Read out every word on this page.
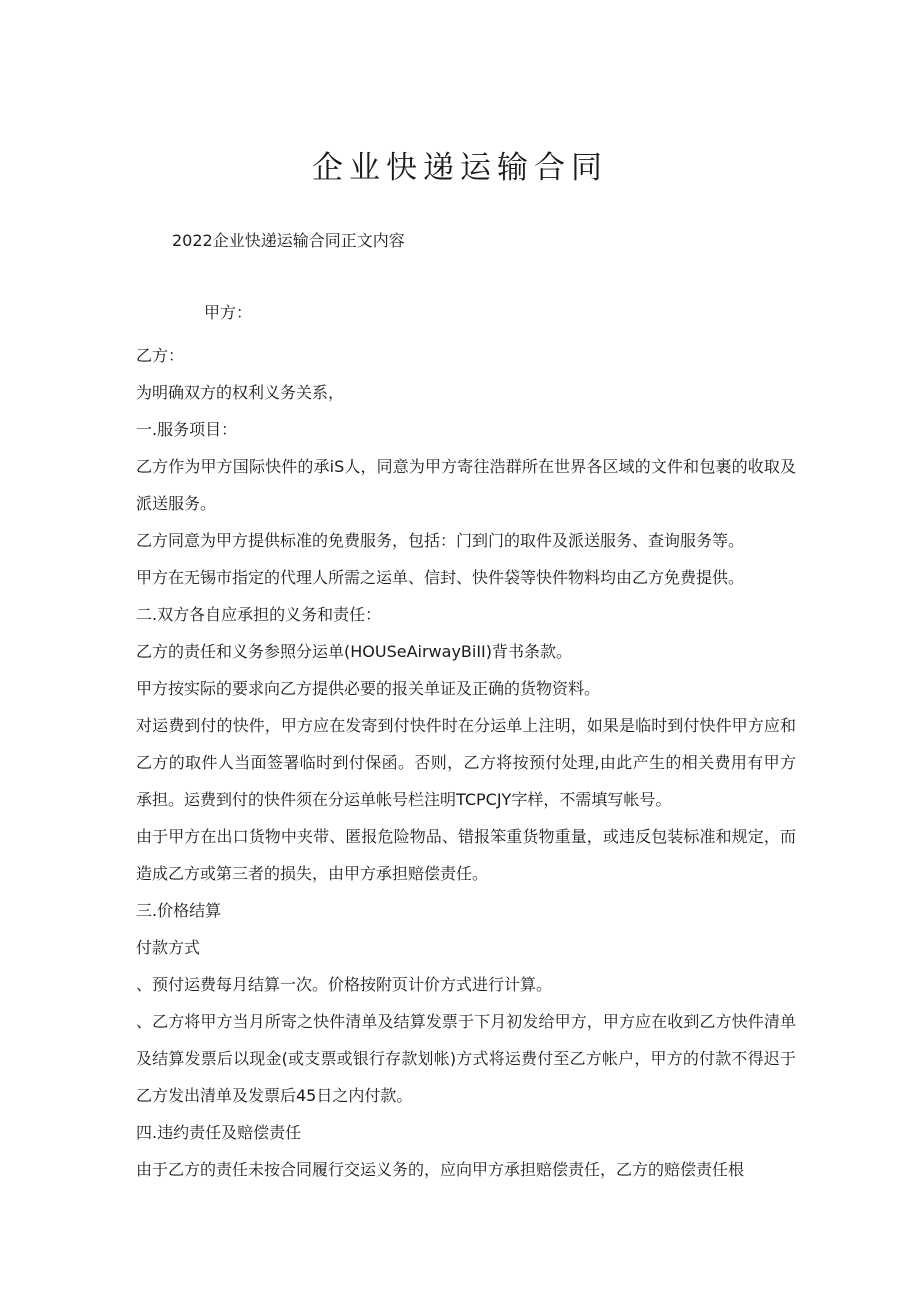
企业快递运输合同

2022企业快递运输合同正文内容

甲方：

乙方：

为明确双方的权利义务关系，

一.服务项目：

乙方作为甲方国际快件的承iS人，同意为甲方寄往浩群所在世界各区域的文件和包裹的收取及派送服务。

乙方同意为甲方提供标准的免费服务，包括：门到门的取件及派送服务、查询服务等。

甲方在无锡市指定的代理人所需之运单、信封、快件袋等快件物料均由乙方免费提供。

二.双方各自应承担的义务和责任：

乙方的责任和义务参照分运单(HOUSeAirwayBiII)背书条款。

甲方按实际的要求向乙方提供必要的报关单证及正确的货物资料。

对运费到付的快件，甲方应在发寄到付快件时在分运单上注明，如果是临时到付快件甲方应和乙方的取件人当面签署临时到付保函。否则，乙方将按预付处理,由此产生的相关费用有甲方承担。运费到付的快件须在分运单帐号栏注明TCPCJY字样，不需填写帐号。

由于甲方在出口货物中夹带、匿报危险物品、错报笨重货物重量，或违反包装标准和规定，而造成乙方或第三者的损失，由甲方承担赔偿责任。

三.价格结算

付款方式

、预付运费每月结算一次。价格按附页计价方式进行计算。

、乙方将甲方当月所寄之快件清单及结算发票于下月初发给甲方，甲方应在收到乙方快件清单及结算发票后以现金(或支票或银行存款划帐)方式将运费付至乙方帐户，甲方的付款不得迟于乙方发出清单及发票后45日之内付款。

四.违约责任及赔偿责任

由于乙方的责任未按合同履行交运义务的，应向甲方承担赔偿责任，乙方的赔偿责任根
